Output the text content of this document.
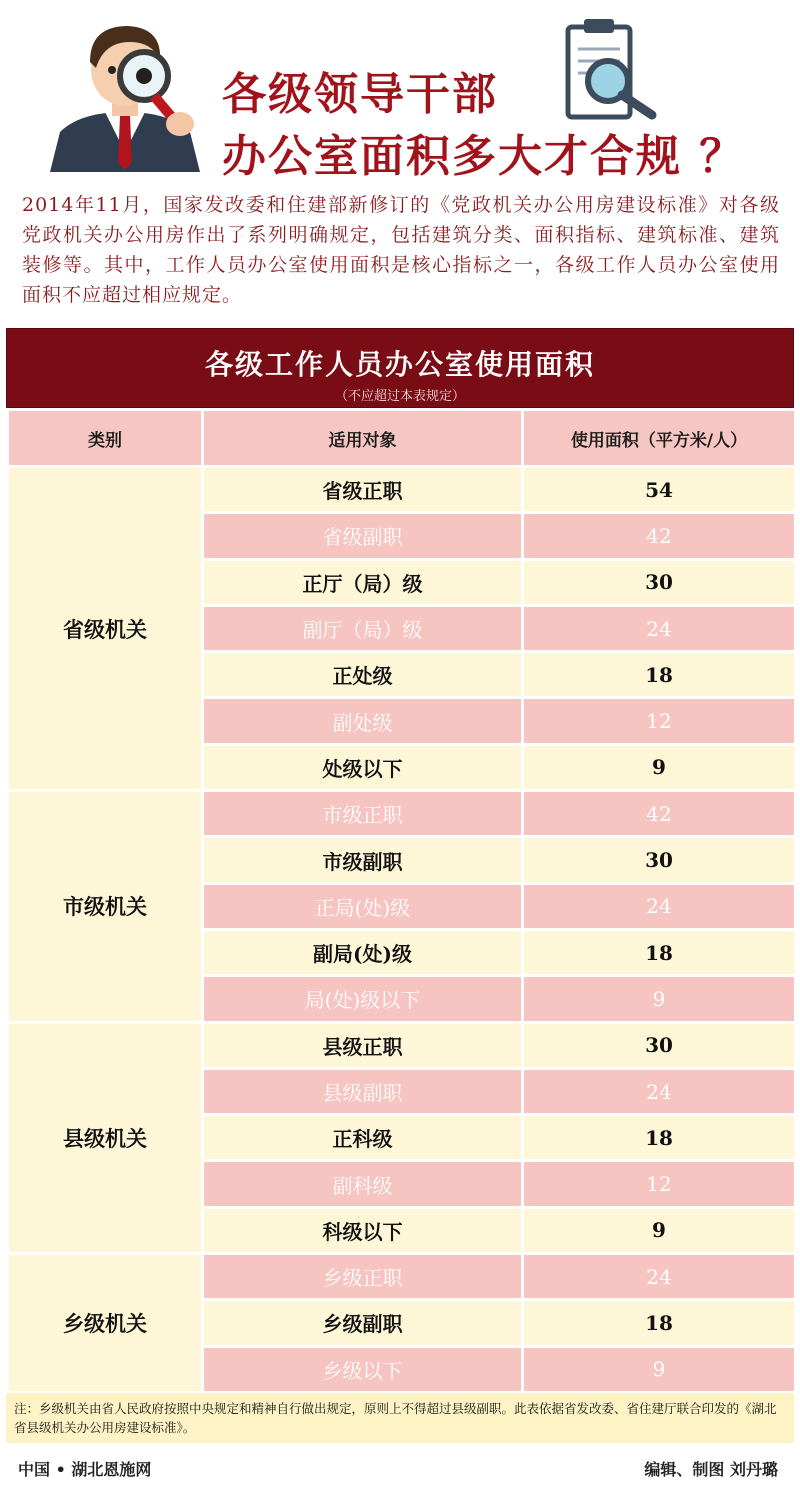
各级领导干部
办公室面积多大才合规 ？
2014年11月，国家发改委和住建部新修订的《党政机关办公用房建设标准》对各级党政机关办公用房作出了系列明确规定，包括建筑分类、面积指标、建筑标准、建筑装修等。其中，工作人员办公室使用面积是核心指标之一，各级工作人员办公室使用面积不应超过相应规定。
各级工作人员办公室使用面积
（不应超过本表规定）
类别	适用对象	使用面积（平方米/人）
省级机关	省级正职	54
	省级副职	42
	正厅（局）级	30
	副厅（局）级	24
	正处级	18
	副处级	12
	处级以下	9
市级机关	市级正职	42
	市级副职	30
	正局(处)级	24
	副局(处)级	18
	局(处)级以下	9
县级机关	县级正职	30
	县级副职	24
	正科级	18
	副科级	12
	科级以下	9
乡级机关	乡级正职	24
	乡级副职	18
	乡级以下	9
注：乡级机关由省人民政府按照中央规定和精神自行做出规定，原则上不得超过县级副职。此表依据省发改委、省住建厅联合印发的《湖北省县级机关办公用房建设标准》。
中国 • 湖北恩施网	编辑、制图 刘丹璐
